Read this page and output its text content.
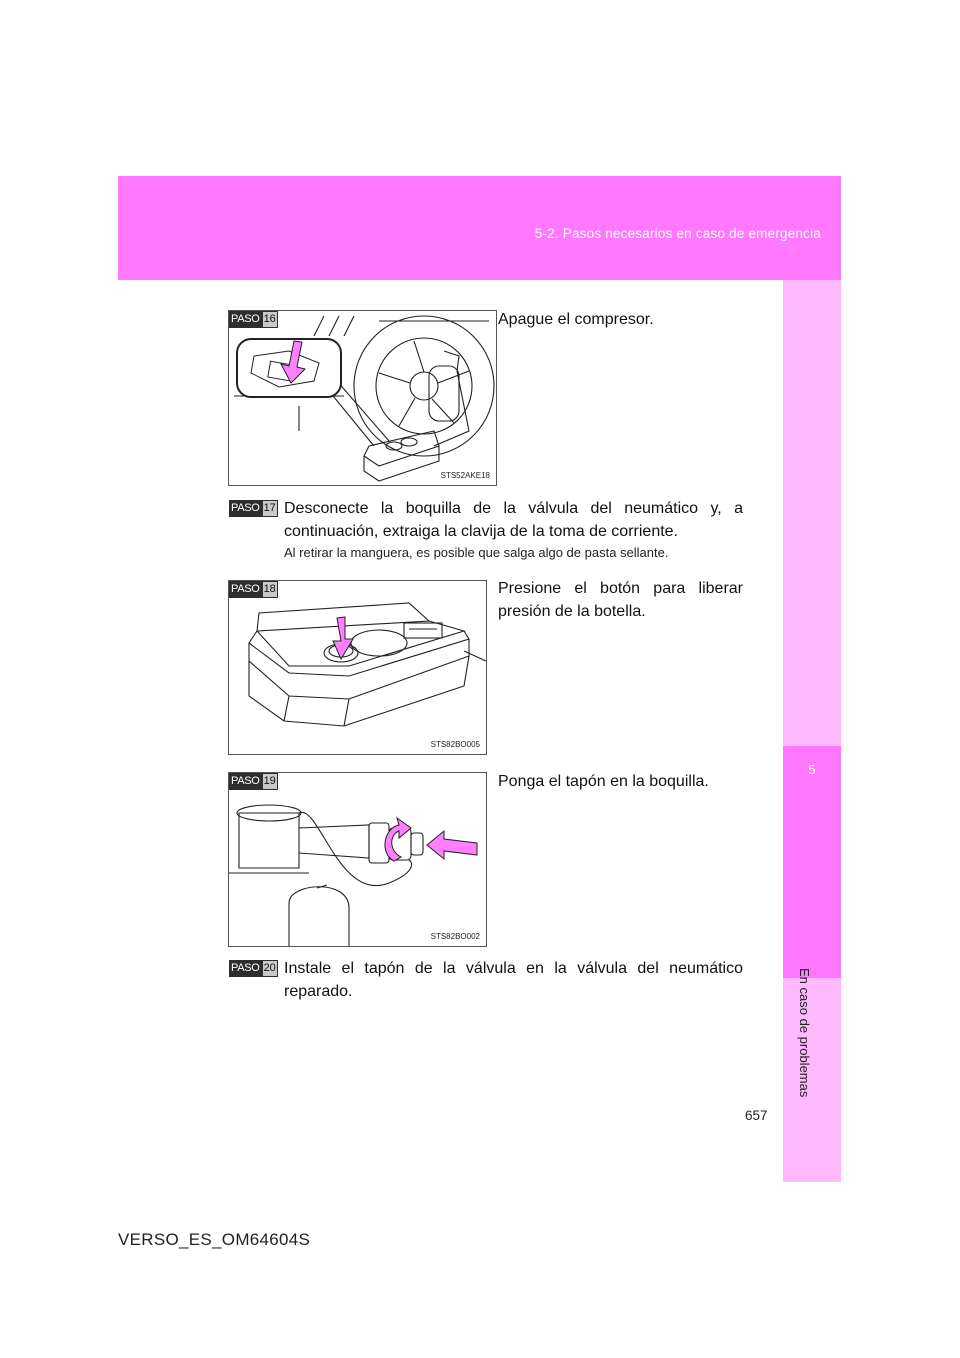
5-2. Pasos necesarios en caso de emergencia
5
En caso de problemas
STS52AKE18
PASO 16	Apague el compresor.
PASO 17 Desconecte la boquilla de la válvula del neumático y, a continuación, extraiga la clavija de la toma de corriente.
Al retirar la manguera, es posible que salga algo de pasta sellante.
STS82BO005
PASO 18	Presione el botón para liberar presión de la botella.
STS82BO002
PASO 19	Ponga el tapón en la boquilla.
PASO 20 Instale el tapón de la válvula en la válvula del neumático reparado.
657
VERSO_ES_OM64604S
